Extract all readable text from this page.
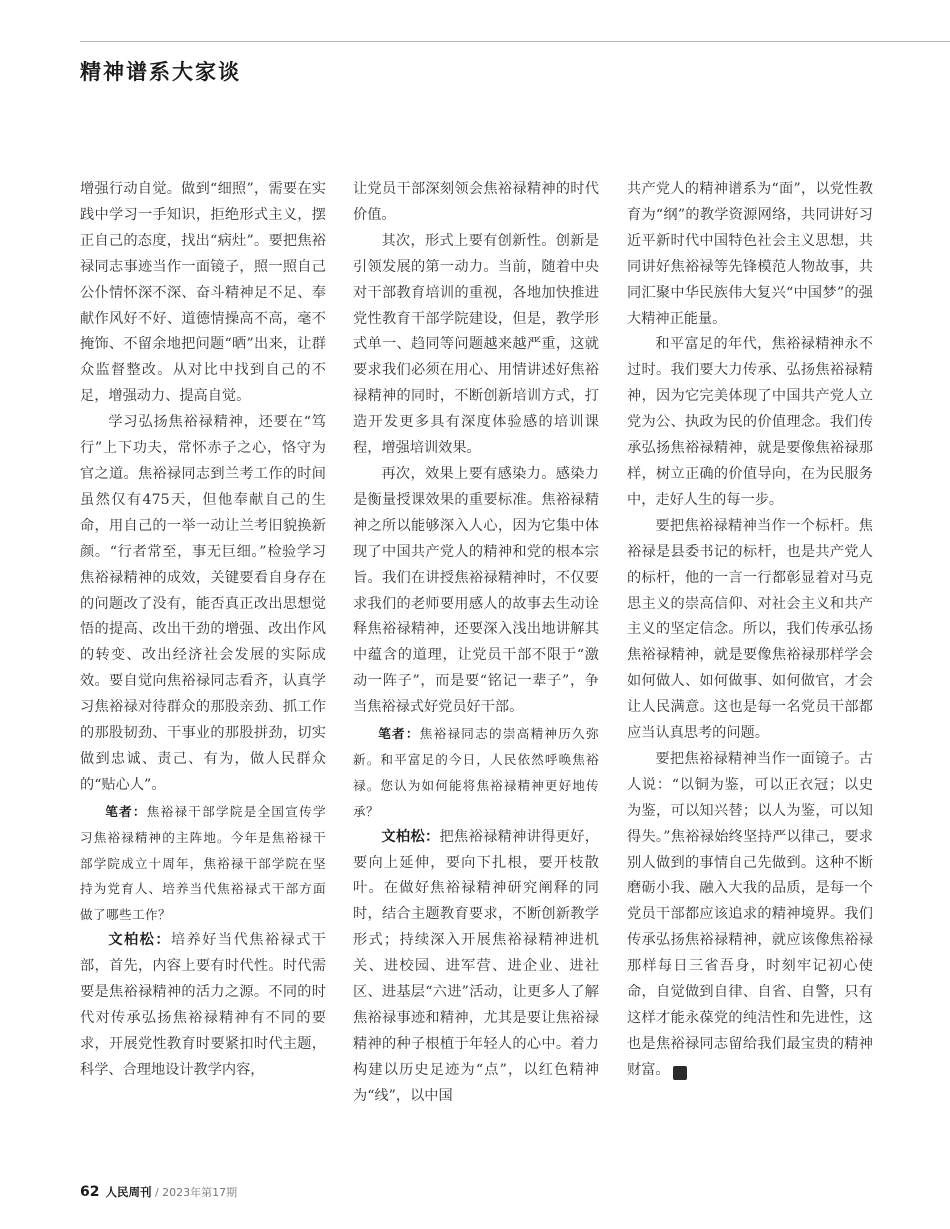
精神谱系大家谈

增强行动自觉。做到“细照”，需要在实践中学习一手知识，拒绝形式主义，摆正自己的态度，找出“病灶”。要把焦裕禄同志事迹当作一面镜子，照一照自己公仆情怀深不深、奋斗精神足不足、奉献作风好不好、道德情操高不高，毫不掩饰、不留余地把问题“晒”出来，让群众监督整改。从对比中找到自己的不足，增强动力、提高自觉。

学习弘扬焦裕禄精神，还要在“笃行”上下功夫，常怀赤子之心，恪守为官之道。焦裕禄同志到兰考工作的时间虽然仅有475天，但他奉献自己的生命，用自己的一举一动让兰考旧貌换新颜。“行者常至，事无巨细。”检验学习焦裕禄精神的成效，关键要看自身存在的问题改了没有，能否真正改出思想觉悟的提高、改出干劲的增强、改出作风的转变、改出经济社会发展的实际成效。要自觉向焦裕禄同志看齐，认真学习焦裕禄对待群众的那股亲劲、抓工作的那股韧劲、干事业的那股拼劲，切实做到忠诚、责己、有为，做人民群众的“贴心人”。

笔者：焦裕禄干部学院是全国宣传学习焦裕禄精神的主阵地。今年是焦裕禄干部学院成立十周年，焦裕禄干部学院在坚持为党育人、培养当代焦裕禄式干部方面做了哪些工作？

文柏松：培养好当代焦裕禄式干部，首先，内容上要有时代性。时代需要是焦裕禄精神的活力之源。不同的时代对传承弘扬焦裕禄精神有不同的要求，开展党性教育时要紧扣时代主题，科学、合理地设计教学内容，

让党员干部深刻领会焦裕禄精神的时代价值。

其次，形式上要有创新性。创新是引领发展的第一动力。当前，随着中央对干部教育培训的重视，各地加快推进党性教育干部学院建设，但是，教学形式单一、趋同等问题越来越严重，这就要求我们必须在用心、用情讲述好焦裕禄精神的同时，不断创新培训方式，打造开发更多具有深度体验感的培训课程，增强培训效果。

再次，效果上要有感染力。感染力是衡量授课效果的重要标准。焦裕禄精神之所以能够深入人心，因为它集中体现了中国共产党人的精神和党的根本宗旨。我们在讲授焦裕禄精神时，不仅要求我们的老师要用感人的故事去生动诠释焦裕禄精神，还要深入浅出地讲解其中蕴含的道理，让党员干部不限于“激动一阵子”，而是要“铭记一辈子”，争当焦裕禄式好党员好干部。

笔者：焦裕禄同志的崇高精神历久弥新。和平富足的今日，人民依然呼唤焦裕禄。您认为如何能将焦裕禄精神更好地传承？

文柏松：把焦裕禄精神讲得更好，要向上延伸，要向下扎根，要开枝散叶。在做好焦裕禄精神研究阐释的同时，结合主题教育要求，不断创新教学形式；持续深入开展焦裕禄精神进机关、进校园、进军营、进企业、进社区、进基层“六进”活动，让更多人了解焦裕禄事迹和精神，尤其是要让焦裕禄精神的种子根植于年轻人的心中。着力构建以历史足迹为“点”，以红色精神为“线”，以中国

共产党人的精神谱系为“面”，以党性教育为“纲”的教学资源网络，共同讲好习近平新时代中国特色社会主义思想，共同讲好焦裕禄等先锋模范人物故事，共同汇聚中华民族伟大复兴“中国梦”的强大精神正能量。

和平富足的年代，焦裕禄精神永不过时。我们要大力传承、弘扬焦裕禄精神，因为它完美体现了中国共产党人立党为公、执政为民的价值理念。我们传承弘扬焦裕禄精神，就是要像焦裕禄那样，树立正确的价值导向，在为民服务中，走好人生的每一步。

要把焦裕禄精神当作一个标杆。焦裕禄是县委书记的标杆，也是共产党人的标杆，他的一言一行都彰显着对马克思主义的崇高信仰、对社会主义和共产主义的坚定信念。所以，我们传承弘扬焦裕禄精神，就是要像焦裕禄那样学会如何做人、如何做事、如何做官，才会让人民满意。这也是每一名党员干部都应当认真思考的问题。

要把焦裕禄精神当作一面镜子。古人说：“以铜为鉴，可以正衣冠；以史为鉴，可以知兴替；以人为鉴，可以知得失。”焦裕禄始终坚持严以律己，要求别人做到的事情自己先做到。这种不断磨砺小我、融入大我的品质，是每一个党员干部都应该追求的精神境界。我们传承弘扬焦裕禄精神，就应该像焦裕禄那样每日三省吾身，时刻牢记初心使命，自觉做到自律、自省、自警，只有这样才能永葆党的纯洁性和先进性，这也是焦裕禄同志留给我们最宝贵的精神财富。	K

62 人民周刊 / 2023年第17期
